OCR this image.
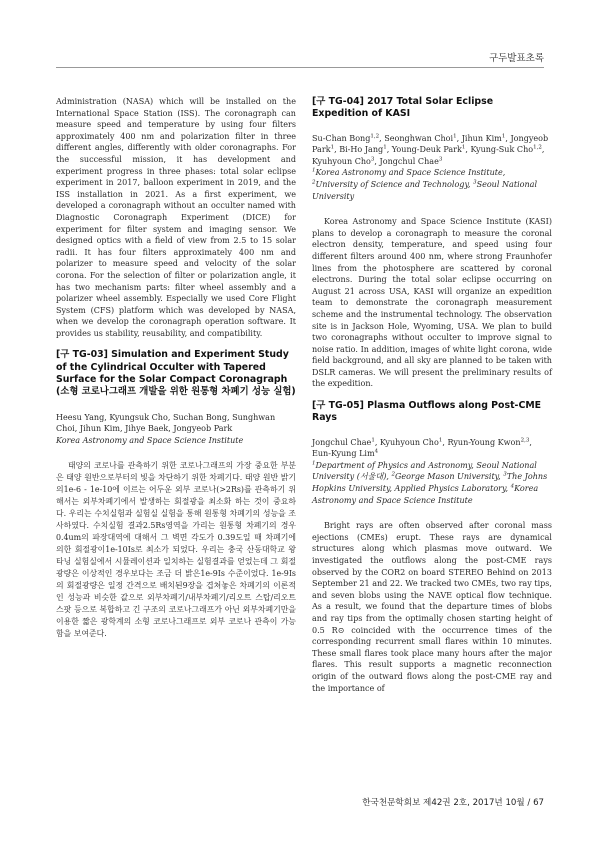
구두발표초록

Administration (NASA) which will be installed on the International Space Station (ISS). The coronagraph can measure speed and temperature by using four filters approximately 400 nm and polarization filter in three different angles, differently with older coronagraphs. For the successful mission, it has development and experiment progress in three phases: total solar eclipse experiment in 2017, balloon experiment in 2019, and the ISS installation in 2021. As a first experiment, we developed a coronagraph without an occulter named with Diagnostic Coronagraph Experiment (DICE) for experiment for filter system and imaging sensor. We designed optics with a field of view from 2.5 to 15 solar radii. It has four filters approximately 400 nm and polarizer to measure speed and velocity of the solar corona. For the selection of filter or polarization angle, it has two mechanism parts: filter wheel assembly and a polarizer wheel assembly. Especially we used Core Flight System (CFS) platform which was developed by NASA, when we develop the coronagraph operation software. It provides us stability, reusability, and compatibility.

[구 TG-03] Simulation and Experiment Study of the Cylindrical Occulter with Tapered Surface for the Solar Compact Coronagraph (소형 코로나그래프 개발을 위한 원통형 차폐기 성능 실험)

Heesu Yang, Kyungsuk Cho, Suchan Bong, Sunghwan Choi, Jihun Kim, Jihye Baek, Jongyeob Park

Korea Astronomy and Space Science Institute

태양의 코로나를 관측하기 위한 코로나그래프의 가장 중요한 부분은 태양 원반으로부터의 빛을 차단하기 위한 차폐기다. 태양 원반 밝기의1e-6 - 1e-10에 이르는 어두운 외부 코로나(>2Rs)를 관측하기 위해서는 외부차폐기에서 발생하는 회절광을 최소화 하는 것이 중요하다. 우리는 수치실험과 실험실 실험을 통해 원통형 차폐기의 성능을 조사하였다. 수치실험 결과2.5Rs영역을 가리는 원통형 차폐기의 경우0.4um의 파장대역에 대해서 그 벽면 각도가 0.39도일 때 차폐기에 의한 회절광이1e-10Is로 최소가 되었다. 우리는 충국 산동대학교 왕타닝 실험실에서 시뮬레이션과 일치하는 실험결과를 얻었는데 그 회절광량은 이상적인 경우보다는 조금 더 밝은1e-9Is 수준이었다. 1e-9Is의 회절광량은 일정 간격으로 배치된9장을 겹쳐놓은 차폐기의 이론적인 성능과 비슷한 값으로 외부차폐기/내부차폐기/리오트 스탑/리오트 스팟 등으로 복합하고 긴 구조의 코로나그래프가 아닌 외부차폐기만을 이용한 짧은 광학계의 소형 코로나그래프로 외부 코로나 관측이 가능함을 보여준다.

[구 TG-04] 2017 Total Solar Eclipse Expedition of KASI

Su-Chan Bong$^{1,2}$, Seonghwan Choi$^1$, Jihun Kim$^1$, Jongyeob Park$^1$, Bi-Ho Jang$^1$, Young-Deuk Park$^1$, Kyung-Suk Cho$^{1,2}$, Kyuhyoun Cho$^3$, Jongchul Chae$^3$

$^1$Korea Astronomy and Space Science Institute, $^2$University of Science and Technology, $^3$Seoul National University

Korea Astronomy and Space Science Institute (KASI) plans to develop a coronagraph to measure the coronal electron density, temperature, and speed using four different filters around 400 nm, where strong Fraunhofer lines from the photosphere are scattered by coronal electrons. During the total solar eclipse occurring on August 21 across USA, KASI will organize an expedition team to demonstrate the coronagraph measurement scheme and the instrumental technology. The observation site is in Jackson Hole, Wyoming, USA. We plan to build two coronagraphs without occulter to improve signal to noise ratio. In addition, images of white light corona, wide field background, and all sky are planned to be taken with DSLR cameras. We will present the preliminary results of the expedition.

[구 TG-05] Plasma Outflows along Post-CME Rays

Jongchul Chae$^1$, Kyuhyoun Cho$^1$, Ryun-Young Kwon$^{2,3}$, Eun-Kyung Lim$^4$

$^1$Department of Physics and Astronomy, Seoul National University (서울대), $^2$George Mason University, $^3$The Johns Hopkins University, Applied Physics Laboratory, $^4$Korea Astronomy and Space Science Institute

Bright rays are often observed after coronal mass ejections (CMEs) erupt. These rays are dynamical structures along which plasmas move outward. We investigated the outflows along the post-CME rays observed by the COR2 on board STEREO Behind on 2013 September 21 and 22. We tracked two CMEs, two ray tips, and seven blobs using the NAVE optical flow technique. As a result, we found that the departure times of blobs and ray tips from the optimally chosen starting height of 0.5 R⊙ coincided with the occurrence times of the corresponding recurrent small flares within 10 minutes. These small flares took place many hours after the major flares. This result supports a magnetic reconnection origin of the outward flows along the post-CME ray and the importance of

한국천문학회보 제42권 2호, 2017년 10월 / 67
